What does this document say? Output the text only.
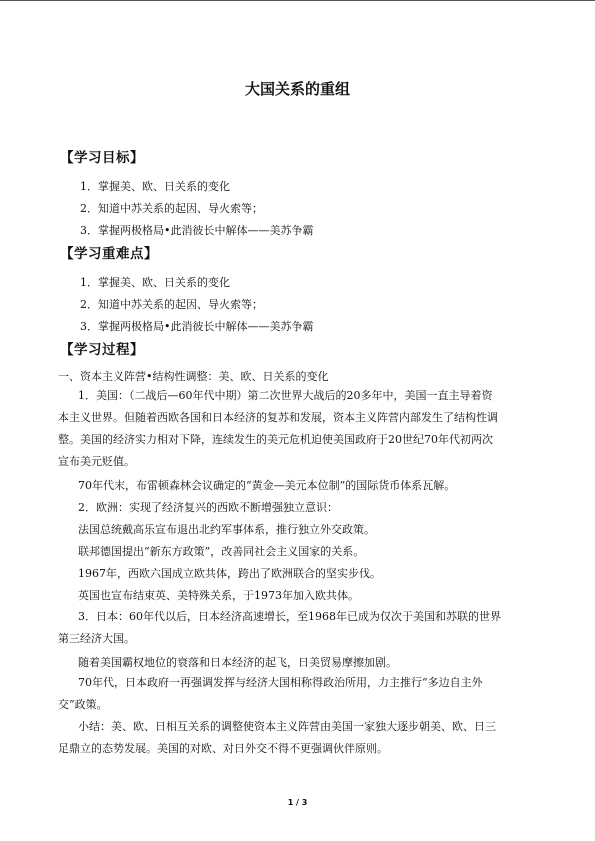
大国关系的重组
【学习目标】
1．掌握美、欧、日关系的变化
2．知道中苏关系的起因、导火索等；
3．掌握两极格局•此消彼长中解体——美苏争霸
【学习重难点】
1．掌握美、欧、日关系的变化
2．知道中苏关系的起因、导火索等；
3．掌握两极格局•此消彼长中解体——美苏争霸
【学习过程】
一、资本主义阵营•结构性调整：美、欧、日关系的变化
1．美国：（二战后—60年代中期）第二次世界大战后的20多年中，美国一直主导着资
本主义世界。但随着西欧各国和日本经济的复苏和发展，资本主义阵营内部发生了结构性调
整。美国的经济实力相对下降，连续发生的美元危机迫使美国政府于20世纪70年代初两次
宣布美元贬值。
70年代末，布雷顿森林会议确定的“黄金—美元本位制”的国际货币体系瓦解。
2．欧洲：实现了经济复兴的西欧不断增强独立意识：
法国总统戴高乐宣布退出北约军事体系，推行独立外交政策。
联邦德国提出“新东方政策”，改善同社会主义国家的关系。
1967年，西欧六国成立欧共体，跨出了欧洲联合的坚实步伐。
英国也宣布结束英、美特殊关系，于1973年加入欧共体。
3．日本：60年代以后，日本经济高速增长，至1968年已成为仅次于美国和苏联的世界
第三经济大国。
随着美国霸权地位的衰落和日本经济的起飞，日美贸易摩擦加剧。
70年代，日本政府一再强调发挥与经济大国相称得政治所用，力主推行“多边自主外
交”政策。
小结：美、欧、日相互关系的调整使资本主义阵营由美国一家独大逐步朝美、欧、日三
足鼎立的态势发展。美国的对欧、对日外交不得不更强调伙伴原则。
1 / 3
